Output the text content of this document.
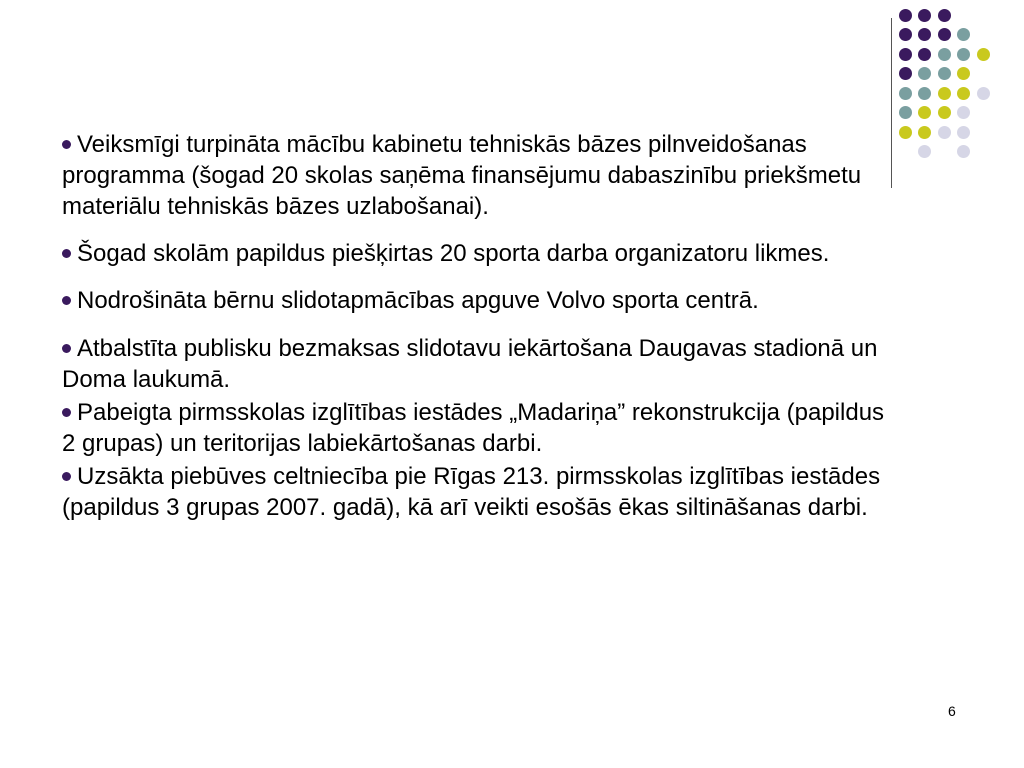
Veiksmīgi turpināta mācību kabinetu tehniskās bāzes pilnveidošanas programma (šogad 20 skolas saņēma finansējumu dabaszinību priekšmetu materiālu tehniskās bāzes uzlabošanai).

Šogad skolām papildus piešķirtas 20 sporta darba organizatoru likmes.

Nodrošināta bērnu slidotapmācības apguve Volvo sporta centrā.

Atbalstīta publisku bezmaksas slidotavu iekārtošana Daugavas stadionā un Doma laukumā.

Pabeigta pirmsskolas izglītības iestādes „Madariņa” rekonstrukcija (papildus 2 grupas) un teritorijas labiekārtošanas darbi.

Uzsākta piebūves celtniecība pie Rīgas 213. pirmsskolas izglītības iestādes (papildus 3 grupas 2007. gadā), kā arī veikti esošās ēkas siltināšanas darbi.

6
